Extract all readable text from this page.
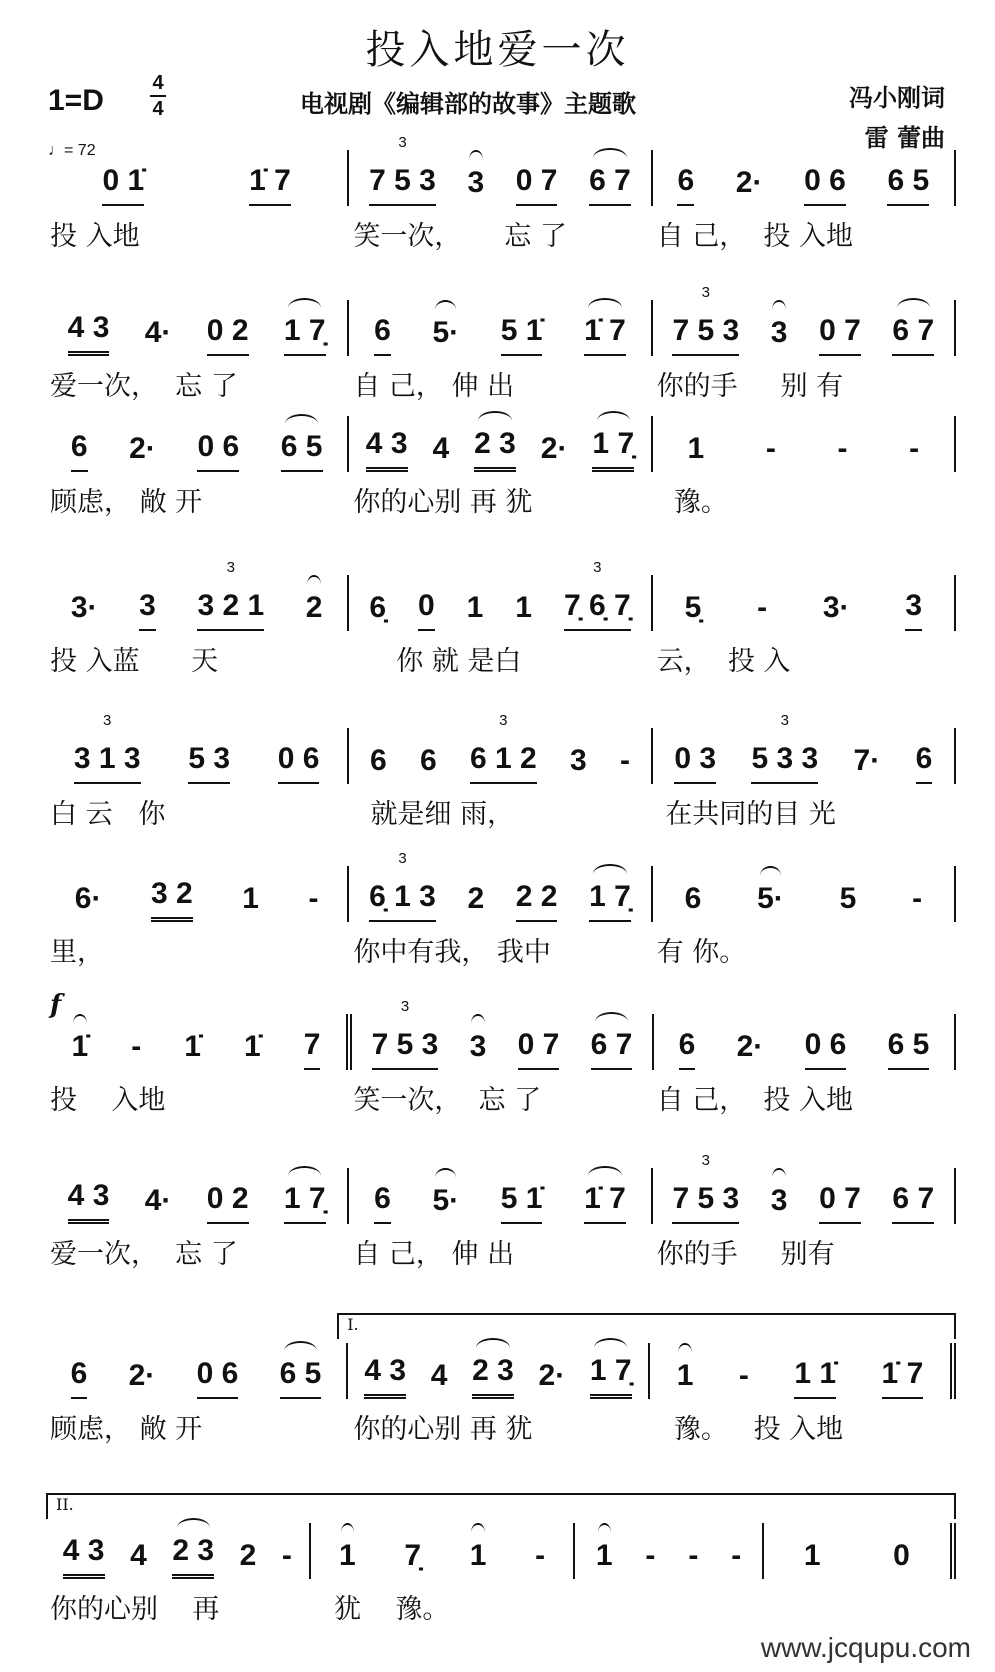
投入地爱一次
1=D
4
4	电视剧《编辑部的故事》主题歌	冯小刚词
雷 蕾曲
♩= 72
f
0 1̇	1̇ 7	7 5 3
3
3 0 7 6 7 6 2· 0 6 6 5
投 入地	笑一次，     忘 了	自 己，  投 入地
4 3 4· 0 2 1 7̣ 6 5· 5 1̇ 1̇ 7 7 5 3
3
3 0 7 6 7
爱一次，  忘 了	自 己， 伸 出	你的手     别 有
6 2· 0 6 6 5 4 3 4 2 3 2· 1 7̣ 1 - - -
顾虑， 敞 开	你的心别 再 犹	豫。
3· 3 3 2 1
3
2 6̣ 0 1 1 7̣ 6̣ 7̣
3
5̣ - 3· 3
投 入蓝      天	你 就 是白	云，  投 入
3 1 3
3
5 3 0 6 6 6 6 1 2
3
3 - 0 3 5 3 3
3
7· 6
白 云   你	就是细 雨，	在共同的目 光
6· 3 2 1 - 6̣ 1 3
3
2 2 2 1 7̣ 6 5· 5 -
里，	你中有我， 我中	有 你。
1̇ - 1̇ 1̇ 7 7 5 3
3
3 0 7 6 7 6 2· 0 6 6 5
投    入地	笑一次，  忘 了	自 己，  投 入地
4 3 4· 0 2 1 7̣ 6 5· 5 1̇ 1̇ 7 7 5 3
3
3 0 7 6 7
爱一次，  忘 了	自 己， 伸 出	你的手     别有
6 2· 0 6 6 5 4 3 4 2 3 2· 1 7̣ 1 - 1 1̇ 1̇ 7
顾虑， 敞 开	你的心别 再 犹	豫。   投 入地
I.
4 3 4 2 3 2 - 1 7̣ 1 - 1 - - - 1 0
你的心别    再	犹    豫。
II.
www.jcqupu.com
